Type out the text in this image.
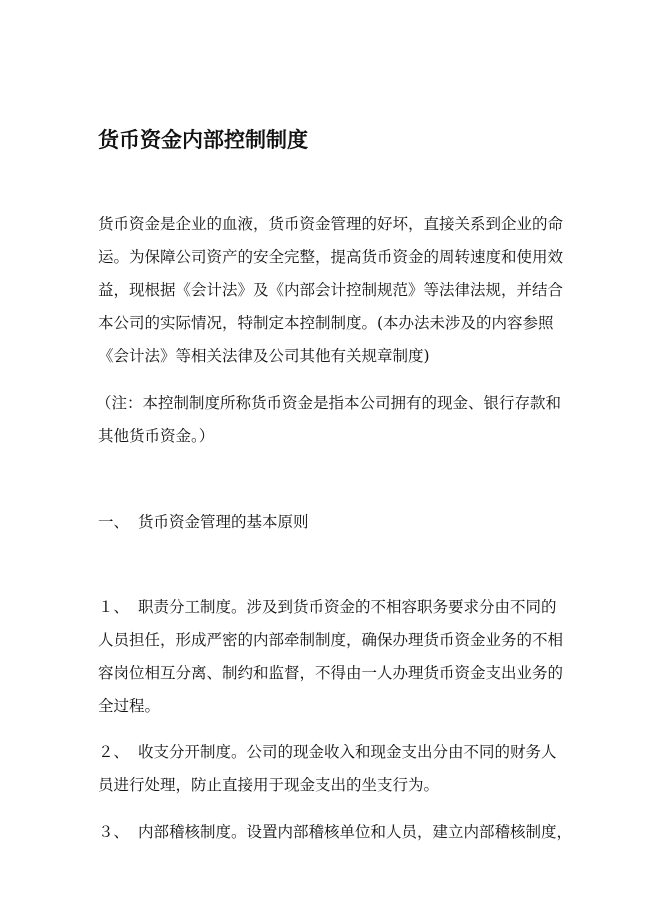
货币资金内部控制制度

货币资金是企业的血液，货币资金管理的好坏，直接关系到企业的命

运。为保障公司资产的安全完整，提高货币资金的周转速度和使用效

益，现根据《会计法》及《内部会计控制规范》等法律法规，并结合

本公司的实际情况，特制定本控制制度。(本办法未涉及的内容参照

《会计法》等相关法律及公司其他有关规章制度)

（注：本控制制度所称货币资金是指本公司拥有的现金、银行存款和

其他货币资金。）

一、 货币资金管理的基本原则

１、 职责分工制度。涉及到货币资金的不相容职务要求分由不同的

人员担任，形成严密的内部牵制制度，确保办理货币资金业务的不相

容岗位相互分离、制约和监督，不得由一人办理货币资金支出业务的

全过程。

２、 收支分开制度。公司的现金收入和现金支出分由不同的财务人

员进行处理，防止直接用于现金支出的坐支行为。

３、 内部稽核制度。设置内部稽核单位和人员，建立内部稽核制度，
